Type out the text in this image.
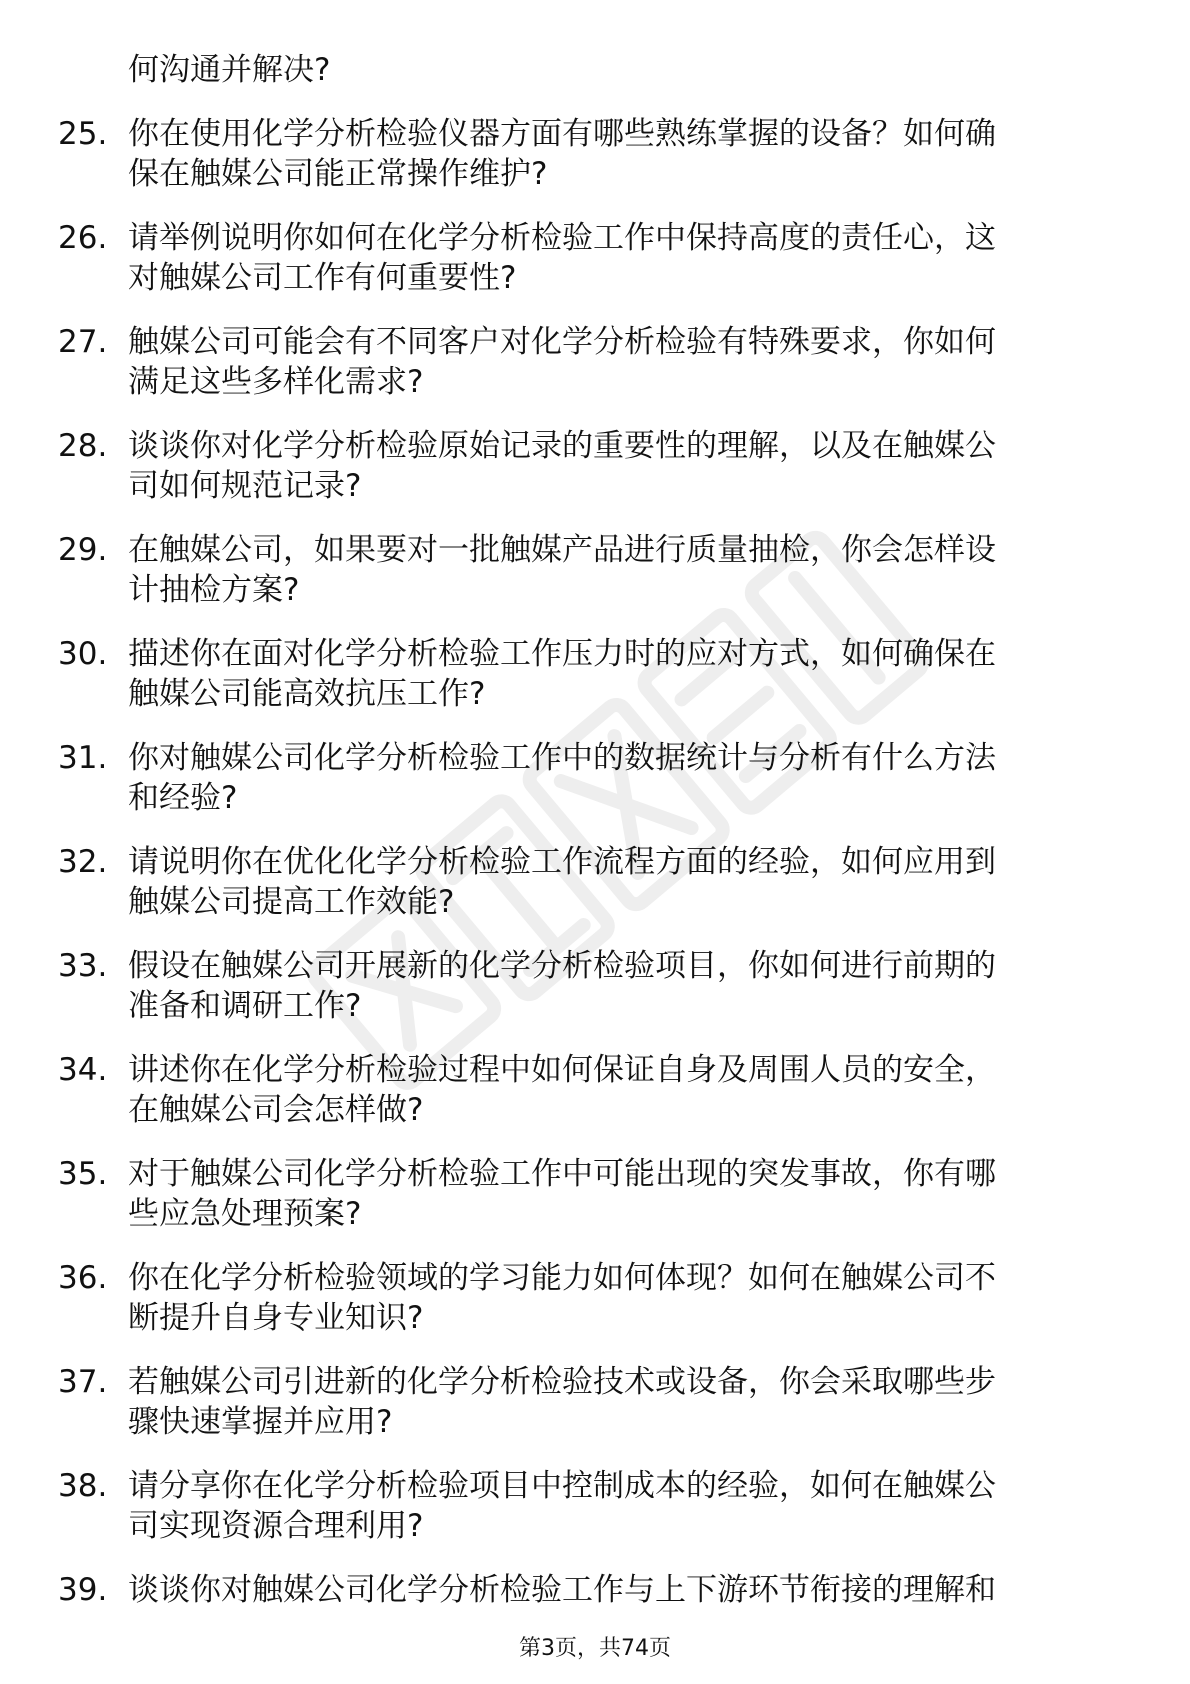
何沟通并解决?
25. 你在使用化学分析检验仪器方面有哪些熟练掌握的设备？如何确
保在触媒公司能正常操作维护?
26. 请举例说明你如何在化学分析检验工作中保持高度的责任心，这
对触媒公司工作有何重要性?
27. 触媒公司可能会有不同客户对化学分析检验有特殊要求，你如何
满足这些多样化需求?
28. 谈谈你对化学分析检验原始记录的重要性的理解，以及在触媒公
司如何规范记录?
29. 在触媒公司，如果要对一批触媒产品进行质量抽检，你会怎样设
计抽检方案?
30. 描述你在面对化学分析检验工作压力时的应对方式，如何确保在
触媒公司能高效抗压工作?
31. 你对触媒公司化学分析检验工作中的数据统计与分析有什么方法
和经验?
32. 请说明你在优化化学分析检验工作流程方面的经验，如何应用到
触媒公司提高工作效能?
33. 假设在触媒公司开展新的化学分析检验项目，你如何进行前期的
准备和调研工作?
34. 讲述你在化学分析检验过程中如何保证自身及周围人员的安全，
在触媒公司会怎样做?
35. 对于触媒公司化学分析检验工作中可能出现的突发事故，你有哪
些应急处理预案?
36. 你在化学分析检验领域的学习能力如何体现？如何在触媒公司不
断提升自身专业知识?
37. 若触媒公司引进新的化学分析检验技术或设备，你会采取哪些步
骤快速掌握并应用?
38. 请分享你在化学分析检验项目中控制成本的经验，如何在触媒公
司实现资源合理利用?
39. 谈谈你对触媒公司化学分析检验工作与上下游环节衔接的理解和
第3页，共74页
